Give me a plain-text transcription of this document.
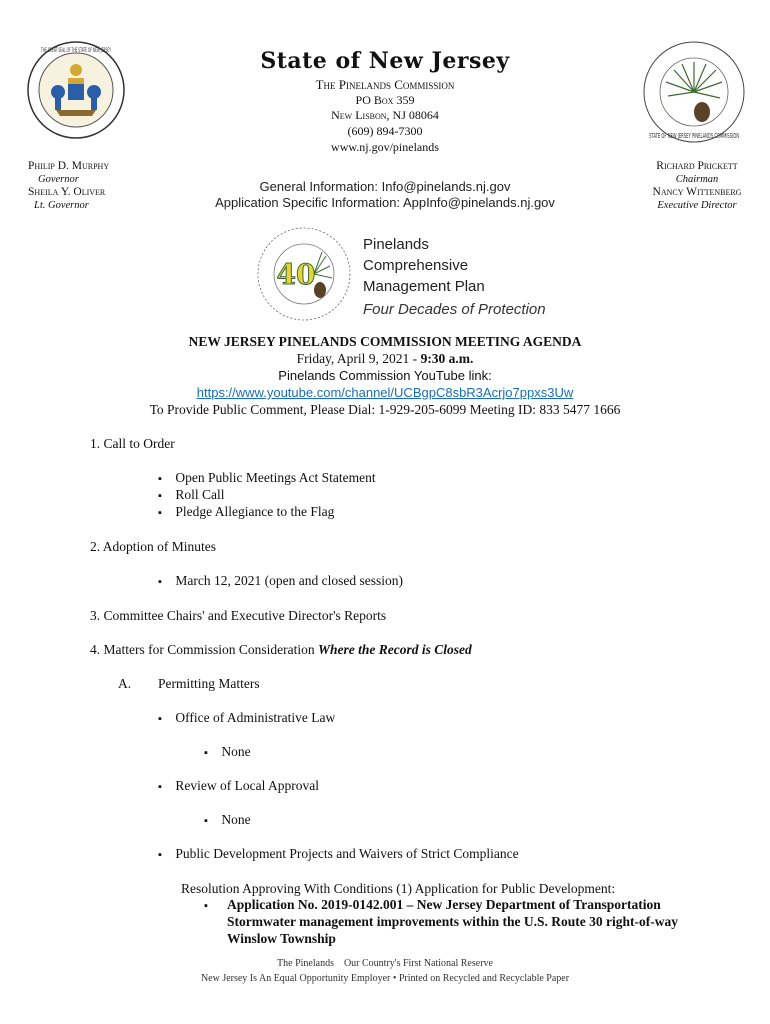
THE GREAT SEAL OF THE STATE OF NEW JERSEY
STATE OF NEW JERSEY PINELANDS COMMISSION
State of New Jersey
The Pinelands Commission
PO Box 359
New Lisbon, NJ 08064
(609) 894-7300
www.nj.gov/pinelands
Philip D. Murphy
Governor
Sheila Y. Oliver
Lt. Governor
Richard Prickett
Chairman
Nancy Wittenberg
Executive Director
General Information: Info@pinelands.nj.gov
Application Specific Information: AppInfo@pinelands.nj.gov
40
Pinelands
Comprehensive
Management Plan
Four Decades of Protection
NEW JERSEY PINELANDS COMMISSION MEETING AGENDA
Friday, April 9, 2021 - 9:30 a.m.
Pinelands Commission YouTube link:
https://www.youtube.com/channel/UCBgpC8sbR3Acrjo7ppxs3Uw
To Provide Public Comment, Please Dial: 1-929-205-6099 Meeting ID: 833 5477 1666
1. Call to Order
▪ Open Public Meetings Act Statement
▪ Roll Call
▪ Pledge Allegiance to the Flag
2. Adoption of Minutes
▪ March 12, 2021 (open and closed session)
3. Committee Chairs' and Executive Director's Reports
4. Matters for Commission Consideration Where the Record is Closed
A. Permitting Matters
▪ Office of Administrative Law
▪ None
▪ Review of Local Approval
▪ None
▪ Public Development Projects and Waivers of Strict Compliance
Resolution Approving With Conditions (1) Application for Public Development:
▪ Application No. 2019-0142.001 – New Jersey Department of Transportation
Stormwater management improvements within the U.S. Route 30 right-of-way
Winslow Township
The Pinelands    Our Country's First National Reserve
New Jersey Is An Equal Opportunity Employer • Printed on Recycled and Recyclable Paper
